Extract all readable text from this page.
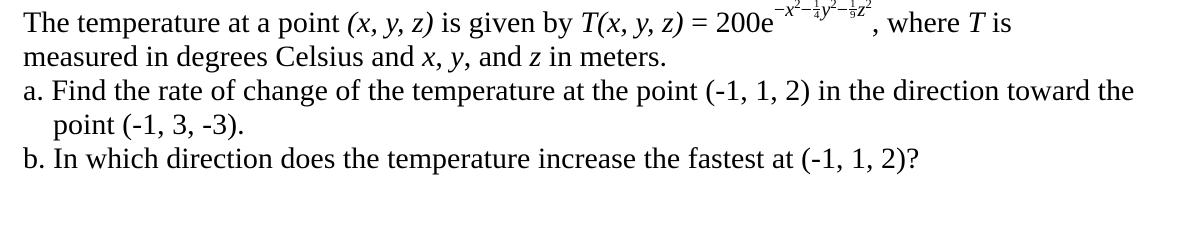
The temperature at a point (x, y, z) is given by T(x, y, $z) = 200e-x^2- \frac{1}{4} y^2- \frac{1}{9} z^2$, where T is
measured in degrees Celsius and x, y, and z in meters.
a. Find the rate of change of the temperature at the point (-1, 1, 2) in the direction toward the
point (-1, 3, -3).
b. In which direction does the temperature increase the fastest at (-1, 1, 2)?
